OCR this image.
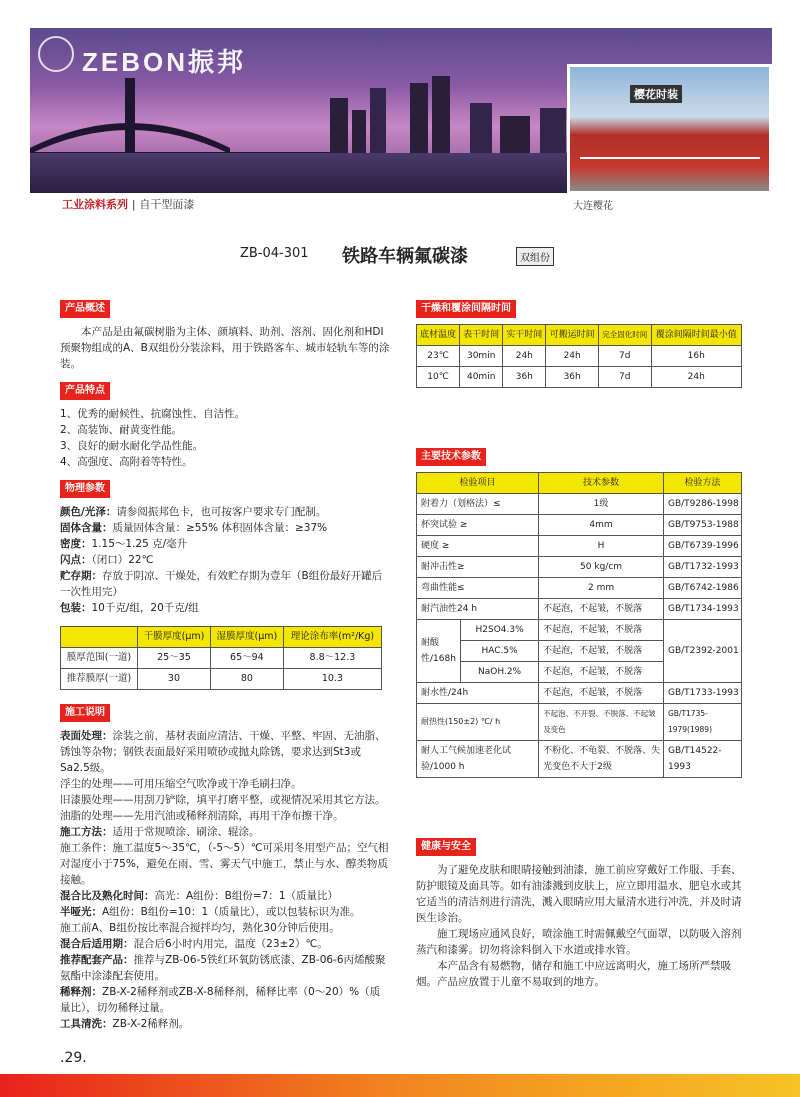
ZEBON振邦
樱花时装
大连樱花
工业涂料系列 | 自干型面漆
ZB-04-301 铁路车辆氟碳漆	双组份
产品概述

本产品是由氟碳树脂为主体、颜填料、助剂、溶剂、固化剂和HDI预聚物组成的A、B双组份分装涂料，用于铁路客车、城市轻轨车等的涂装。

产品特点

1、优秀的耐候性、抗腐蚀性、自洁性。

2、高装饰、耐黄变性能。

3、良好的耐水耐化学品性能。

4、高强度、高附着等特性。

物理参数

颜色/光泽：请参阅振邦色卡，也可按客户要求专门配制。

固体含量：质量固体含量：≥55% 体积固体含量：≥37%

密度：1.15～1.25 克/毫升

闪点：（闭口）22℃

贮存期：存放于阴凉、干燥处，有效贮存期为壹年（B组份最好开罐后一次性用完）

包装：10千克/组，20千克/组

	干膜厚度(μm)	湿膜厚度(μm)	理论涂布率(m²/Kg)
膜厚范围(一道)	25～35	65～94	8.8～12.3
推荐膜厚(一道)	30	80	10.3
施工说明

表面处理：涂装之前，基材表面应清洁、干燥、平整、牢固、无油脂、锈蚀等杂物；钢铁表面最好采用喷砂或抛丸除锈，要求达到St3或Sa2.5级。

浮尘的处理——可用压缩空气吹净或干净毛刷扫净。

旧漆膜处理——用刮刀铲除，填平打磨平整，或视情况采用其它方法。

油脂的处理——先用汽油或稀释剂清除，再用干净布擦干净。

施工方法：适用于常规喷涂、刷涂、辊涂。

施工条件：施工温度5～35℃，（-5～5）℃可采用冬用型产品；空气相对湿度小于75%，避免在雨、雪、雾天气中施工，禁止与水、醇类物质接触。

混合比及熟化时间：高光：A组份：B组份=7：1（质量比）

半哑光：A组份：B组份=10：1（质量比），或以包装标识为准。

施工前A、B组份按比率混合搅拌均匀，熟化30分钟后使用。

混合后适用期：混合后6小时内用完，温度（23±2）℃。

推荐配套产品：推荐与ZB-06-5铁红环氧防锈底漆、ZB-06-6丙烯酸聚氨酯中涂漆配套使用。

稀释剂：ZB-X-2稀释剂或ZB-X-8稀释剂，稀释比率（0～20）%（质量比），切勿稀释过量。

工具清洗：ZB-X-2稀释剂。

干燥和覆涂间隔时间
底材温度	表干时间	实干时间	可搬运时间	完全固化时间	覆涂间隔时间最小值
23℃	30min	24h	24h	7d	16h
10℃	40min	36h	36h	7d	24h
主要技术参数
检验项目		技术参数	检验方法
附着力（划格法）≤		1级	GB/T9286-1998
杯突试验 ≥		4mm	GB/T9753-1988
硬度 ≥		H	GB/T6739-1996
耐冲击性≥		50 kg/cm	GB/T1732-1993
弯曲性能≤		2 mm	GB/T6742-1986
耐汽油性24 h		不起泡，不起皱，不脱落	GB/T1734-1993
耐酸性/168h	H2SO4.3%	不起泡，不起皱，不脱落	GB/T2392-2001
	HAC.5%	不起泡，不起皱，不脱落	
	NaOH.2%	不起泡，不起皱，不脱落	
耐水性/24h		不起泡，不起皱，不脱落	GB/T1733-1993
耐热性(150±2) ℃/ h		不起泡、不开裂、不脱落、不起皱及变色	GB/T1735-1979(1989)
耐人工气候加速老化试验/1000 h		不粉化、不龟裂、不脱落、失光变色不大于2级	GB/T14522-1993
健康与安全

为了避免皮肤和眼睛接触到油漆，施工前应穿戴好工作服、手套、防护眼镜及面具等。如有油漆溅到皮肤上，应立即用温水、肥皂水或其它适当的清洁剂进行清洗，溅入眼睛应用大量清水进行冲洗，并及时请医生诊治。

施工现场应通风良好，喷涂施工时需佩戴空气面罩，以防吸入溶剂蒸汽和漆雾。切勿将涂料倒入下水道或排水管。

本产品含有易燃物，储存和施工中应远离明火，施工场所严禁吸烟。产品应放置于儿童不易取到的地方。

.29.
